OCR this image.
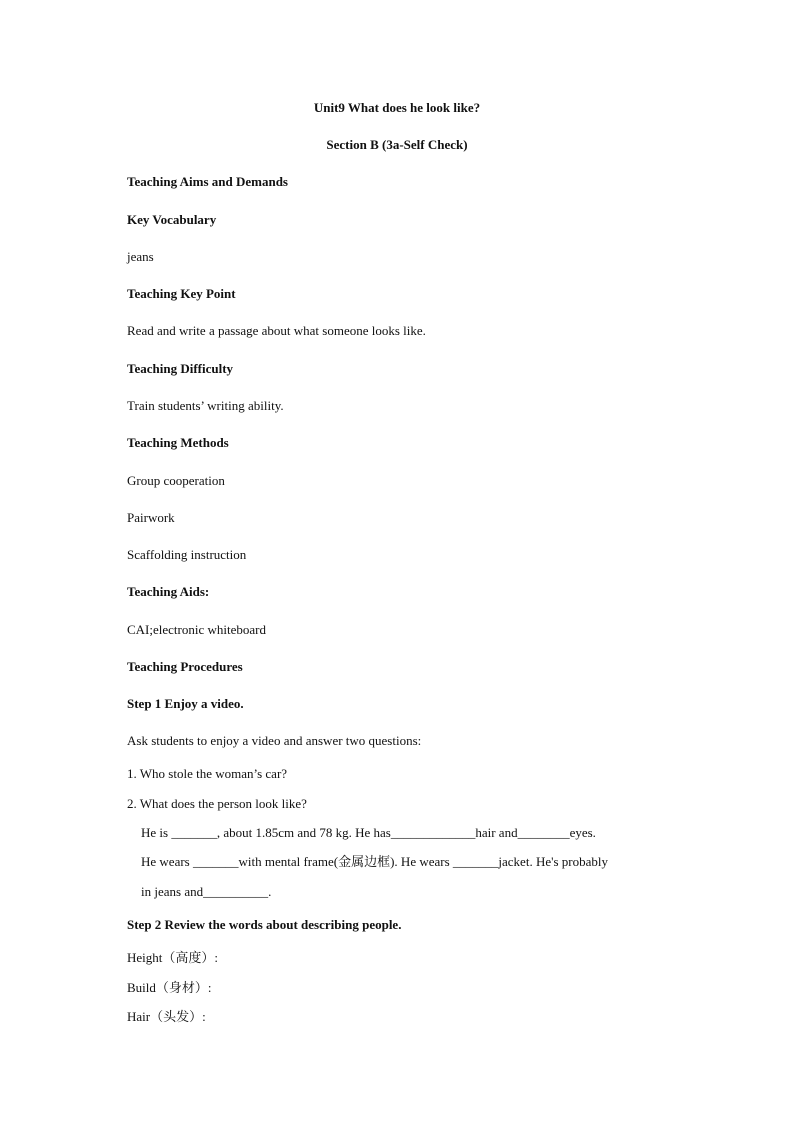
Unit9 What does he look like?
Section B (3a-Self Check)
Teaching Aims and Demands
Key Vocabulary
jeans
Teaching Key Point
Read and write a passage about what someone looks like.
Teaching Difficulty
Train students’ writing ability.
Teaching Methods
Group cooperation
Pairwork
Scaffolding instruction
Teaching Aids:
CAI;electronic whiteboard
Teaching Procedures
Step 1 Enjoy a video.
Ask students to enjoy a video and answer two questions:
1. Who stole the woman’s car?
2. What does the person look like?
He is _______, about 1.85cm and 78 kg. He has_____________hair and________eyes.
He wears _______with mental frame(金属边框). He wears _______jacket. He's probably
in jeans and__________.
Step 2 Review the words about describing people.
Height（高度）:
Build（身材）:
Hair（头发）:
